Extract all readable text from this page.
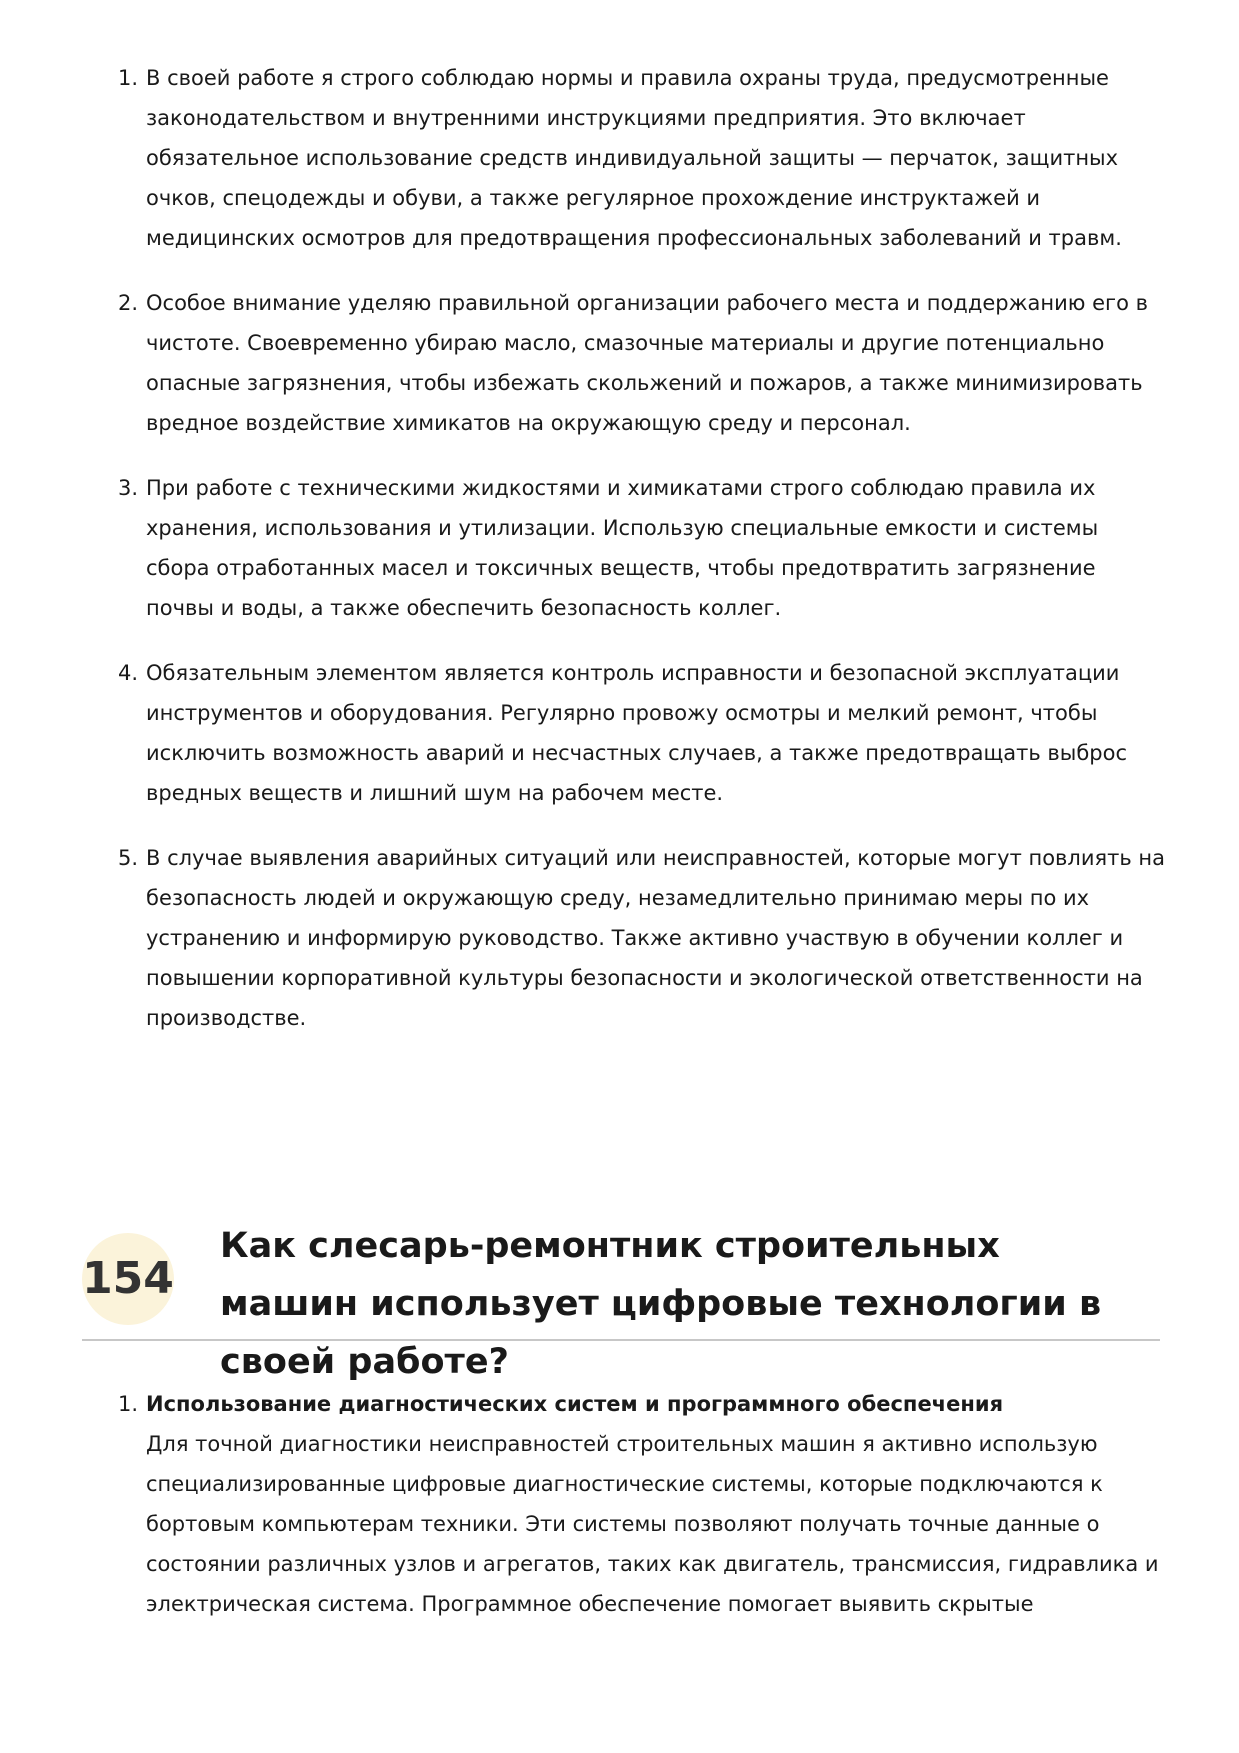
1. В своей работе я строго соблюдаю нормы и правила охраны труда, предусмотренные законодательством и внутренними инструкциями предприятия. Это включает обязательное использование средств индивидуальной защиты — перчаток, защитных очков, спецодежды и обуви, а также регулярное прохождение инструктажей и медицинских осмотров для предотвращения профессиональных заболеваний и травм.
2. Особое внимание уделяю правильной организации рабочего места и поддержанию его в чистоте. Своевременно убираю масло, смазочные материалы и другие потенциально опасные загрязнения, чтобы избежать скольжений и пожаров, а также минимизировать вредное воздействие химикатов на окружающую среду и персонал.
3. При работе с техническими жидкостями и химикатами строго соблюдаю правила их хранения, использования и утилизации. Использую специальные емкости и системы сбора отработанных масел и токсичных веществ, чтобы предотвратить загрязнение почвы и воды, а также обеспечить безопасность коллег.
4. Обязательным элементом является контроль исправности и безопасной эксплуатации инструментов и оборудования. Регулярно провожу осмотры и мелкий ремонт, чтобы исключить возможность аварий и несчастных случаев, а также предотвращать выброс вредных веществ и лишний шум на рабочем месте.
5. В случае выявления аварийных ситуаций или неисправностей, которые могут повлиять на безопасность людей и окружающую среду, незамедлительно принимаю меры по их устранению и информирую руководство. Также активно участвую в обучении коллег и повышении корпоративной культуры безопасности и экологической ответственности на производстве.
154
Как слесарь-ремонтник строительных машин использует цифровые технологии в своей работе?
1. Использование диагностических систем и программного обеспечения
Для точной диагностики неисправностей строительных машин я активно использую специализированные цифровые диагностические системы, которые подключаются к бортовым компьютерам техники. Эти системы позволяют получать точные данные о состоянии различных узлов и агрегатов, таких как двигатель, трансмиссия, гидравлика и электрическая система. Программное обеспечение помогает выявить скрытые
